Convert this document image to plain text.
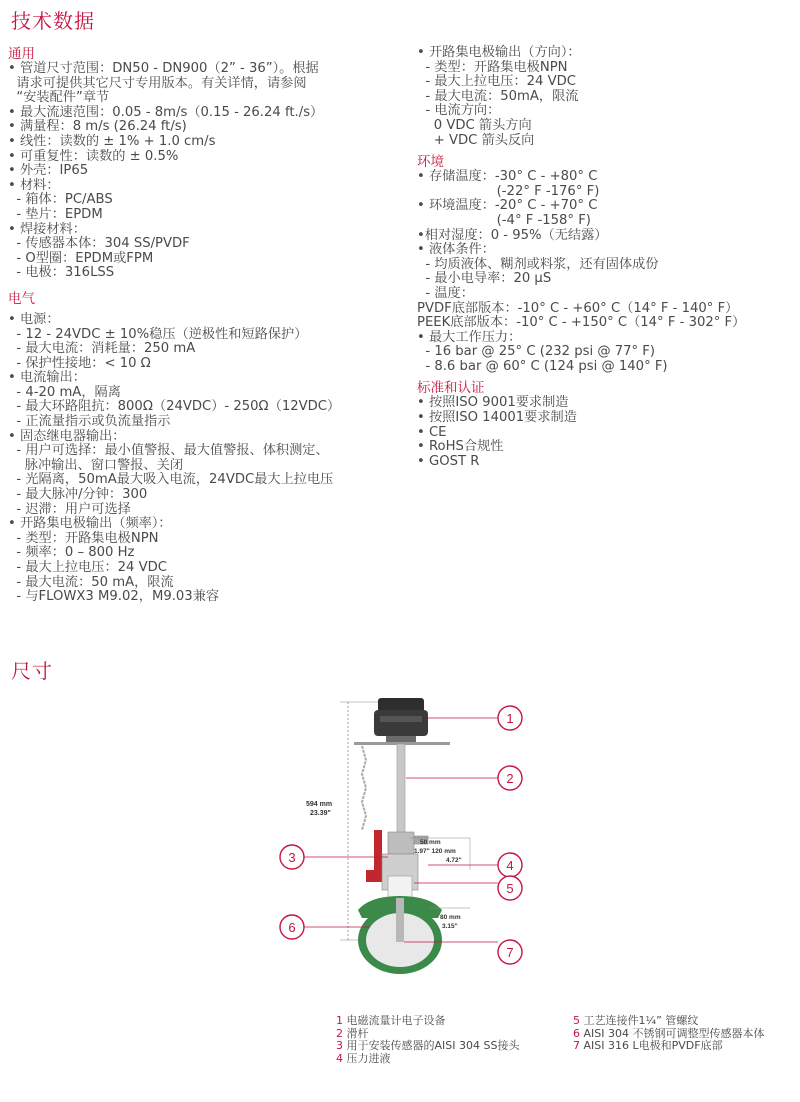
技术数据
通用
• 管道尺寸范围：DN50 - DN900（2” - 36”）。根据
请求可提供其它尺寸专用版本。有关详情，请参阅
“安装配件”章节
• 最大流速范围：0.05 - 8m/s（0.15 - 26.24 ft./s）
• 满量程：8 m/s (26.24 ft/s)
• 线性：读数的 ± 1% + 1.0 cm/s
• 可重复性：读数的 ± 0.5%
• 外壳：IP65
• 材料：
- 箱体：PC/ABS
- 垫片：EPDM
• 焊接材料：
- 传感器本体：304 SS/PVDF
- O型圈：EPDM或FPM
- 电极：316LSS
电气
• 电源：
- 12 - 24VDC ± 10%稳压（逆极性和短路保护）
- 最大电流：消耗量：250 mA
- 保护性接地：< 10 Ω
• 电流输出：
- 4-20 mA，隔离
- 最大环路阻抗：800Ω（24VDC）- 250Ω（12VDC）
- 正流量指示或负流量指示
• 固态继电器输出：
- 用户可选择：最小值警报、最大值警报、体积测定、
脉冲输出、窗口警报、关闭
- 光隔离，50mA最大吸入电流，24VDC最大上拉电压
- 最大脉冲/分钟：300
- 迟滞：用户可选择
• 开路集电极输出（频率）：
- 类型：开路集电极NPN
- 频率：0 – 800 Hz
- 最大上拉电压：24 VDC
- 最大电流：50 mA，限流
- 与FLOWX3 M9.02，M9.03兼容
• 开路集电极输出（方向）：
- 类型：开路集电极NPN
- 最大上拉电压：24 VDC
- 最大电流：50mA，限流
- 电流方向：
0 VDC 箭头方向
+ VDC 箭头反向
环境
• 存储温度：-30° C - +80° C
(-22° F -176° F)
• 环境温度：-20° C - +70° C
(-4° F -158° F)
•相对湿度：0 - 95%（无结露）
• 液体条件：
- 均质液体、糊剂或料浆，还有固体成份
- 最小电导率：20 µS
- 温度：
PVDF底部版本：-10° C - +60° C（14° F - 140° F）
PEEK底部版本：-10° C - +150° C（14° F - 302° F）
• 最大工作压力：
- 16 bar @ 25° C (232 psi @ 77° F)
- 8.6 bar @ 60° C (124 psi @ 140° F)
标准和认证
• 按照ISO 9001要求制造
• 按照ISO 14001要求制造
• CE
• RoHS合规性
• GOST R
尺寸
594 mm
23.39"
50 mm
1.97" 120 mm
4.72"
80 mm
3.15"
1
2
3
4
5
6
7
1 电磁流量计电子设备
2 滑杆
3 用于安装传感器的AISI 304 SS接头
4 压力进液
5 工艺连接件1¼” 管螺纹
6 AISI 304 不锈钢可调整型传感器本体
7 AISI 316 L电极和PVDF底部
